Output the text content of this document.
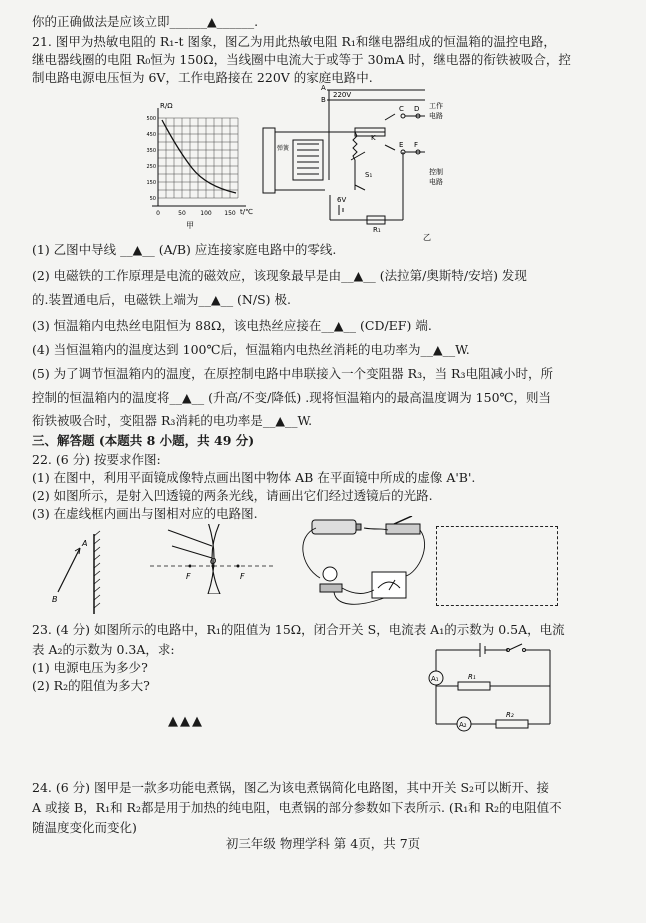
你的正确做法是应该立即______▲______.
21. 图甲为热敏电阻的 R₁-t 图象，图乙为用此热敏电阻 R₁和继电器组成的恒温箱的温控电路，
继电器线圈的电阻 R₀恒为 150Ω，当线圈中电流大于或等于 30mA 时，继电器的衔铁被吸合，控
制电路电源电压恒为 6V，工作电路接在 220V 的家庭电路中.
R/Ω
t/℃
50
150
250
350
450
500
0	50 100 150
甲
A
220V
B
C D
E F
K
S₁
6V
R₁
工作
电路
控制
电路
弹簧
乙
(1) 乙图中导线 __▲__ (A/B) 应连接家庭电路中的零线.
(2) 电磁铁的工作原理是电流的磁效应，该现象最早是由__▲__ (法拉第/奥斯特/安培) 发现
的.装置通电后，电磁铁上端为__▲__ (N/S) 极.
(3) 恒温箱内电热丝电阻恒为 88Ω，该电热丝应接在__▲__ (CD/EF) 端.
(4) 当恒温箱内的温度达到 100℃后，恒温箱内电热丝消耗的电功率为__▲__W.
(5) 为了调节恒温箱内的温度，在原控制电路中串联接入一个变阻器 R₃，当 R₃电阻减小时，所
控制的恒温箱内的温度将__▲__ (升高/不变/降低) .现将恒温箱内的最高温度调为 150℃，则当
衔铁被吸合时，变阻器 R₃消耗的电功率是__▲__W.
三、解答题 (本题共 8 小题，共 49 分)
22. (6 分) 按要求作图:
(1) 在图中，利用平面镜成像特点画出图中物体 AB 在平面镜中所成的虚像 A'B'.
(2) 如图所示，是射入凹透镜的两条光线，请画出它们经过透镜后的光路.
(3) 在虚线框内画出与图相对应的电路图.
A
B
F
O
F
23. (4 分) 如图所示的电路中，R₁的阻值为 15Ω，闭合开关 S，电流表 A₁的示数为 0.5A，电流
表 A₂的示数为 0.3A，求:
(1) 电源电压为多少?
(2) R₂的阻值为多大?
▲▲▲
A₁	R₁
A₂
R₂
24. (6 分) 图甲是一款多功能电煮锅，图乙为该电煮锅简化电路图，其中开关 S₂可以断开、接
A 或接 B，R₁和 R₂都是用于加热的纯电阻，电煮锅的部分参数如下表所示. (R₁和 R₂的电阻值不
随温度变化而变化)
初三年级 物理学科 第 4页，共 7页
